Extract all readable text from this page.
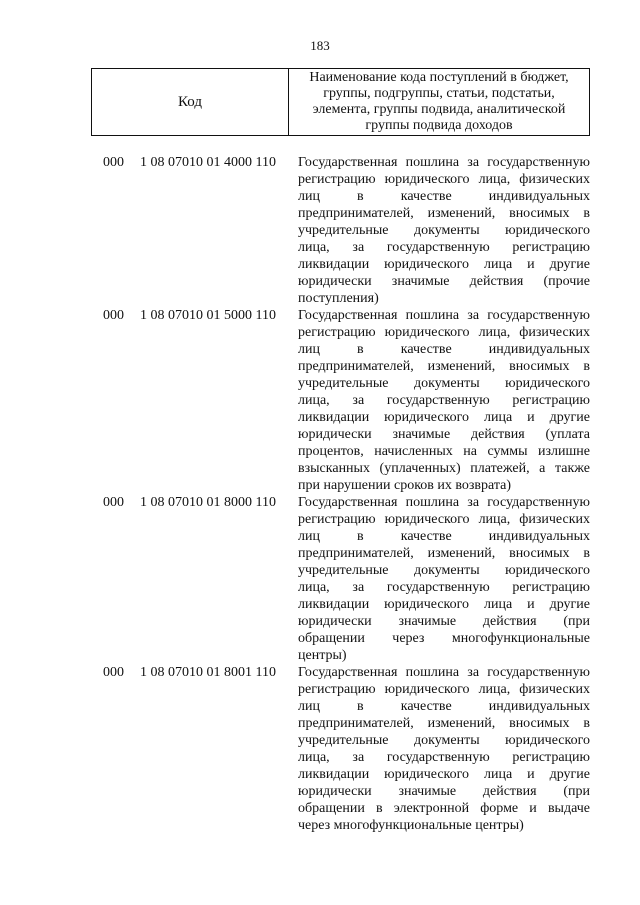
183
Код
Наименование кода поступлений в бюджет, группы, подгруппы, статьи, подстатьи, элемента, группы подвида, аналитической группы подвида доходов
000 1 08 07010 01 4000 110 Государственная пошлина за государственную
регистрацию юридического лица, физических
лиц в качестве индивидуальных
предпринимателей, изменений, вносимых в
учредительные документы юридического
лица, за государственную регистрацию
ликвидации юридического лица и другие
юридически значимые действия (прочие
поступления)
000 1 08 07010 01 5000 110 Государственная пошлина за государственную
регистрацию юридического лица, физических
лиц в качестве индивидуальных
предпринимателей, изменений, вносимых в
учредительные документы юридического
лица, за государственную регистрацию
ликвидации юридического лица и другие
юридически значимые действия (уплата
процентов, начисленных на суммы излишне
взысканных (уплаченных) платежей, а также
при нарушении сроков их возврата)
000 1 08 07010 01 8000 110 Государственная пошлина за государственную
регистрацию юридического лица, физических
лиц в качестве индивидуальных
предпринимателей, изменений, вносимых в
учредительные документы юридического
лица, за государственную регистрацию
ликвидации юридического лица и другие
юридически значимые действия (при
обращении через многофункциональные
центры)
000 1 08 07010 01 8001 110 Государственная пошлина за государственную
регистрацию юридического лица, физических
лиц в качестве индивидуальных
предпринимателей, изменений, вносимых в
учредительные документы юридического
лица, за государственную регистрацию
ликвидации юридического лица и другие
юридически значимые действия (при
обращении в электронной форме и выдаче
через многофункциональные центры)
